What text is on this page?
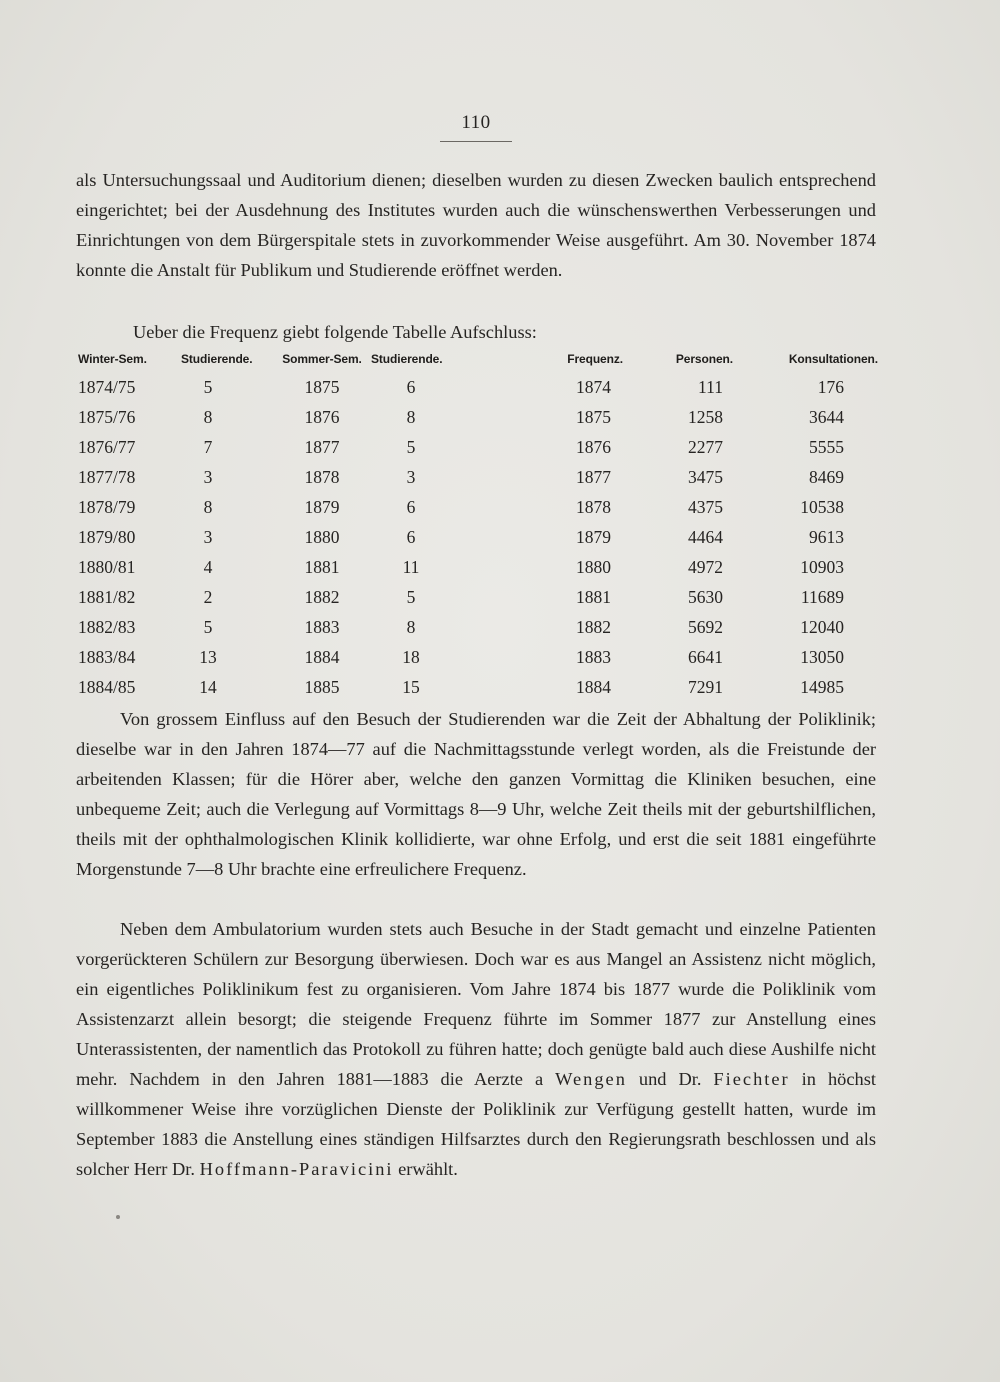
110

als Untersuchungssaal und Auditorium dienen; dieselben wurden zu diesen Zwecken baulich entsprechend eingerichtet; bei der Ausdehnung des Institutes wurden auch die wünschenswerthen Verbesserungen und Einrichtungen von dem Bürgerspitale stets in zuvorkommender Weise ausgeführt. Am 30. November 1874 konnte die Anstalt für Publikum und Studierende eröffnet werden.

Ueber die Frequenz giebt folgende Tabelle Aufschluss:

Winter-Sem.	Studierende.	Sommer-Sem.	Studierende.	Frequenz.	Personen.	Konsultationen.
1874/75	5	1875	6	1874	111	176
1875/76	8	1876	8	1875	1258	3644
1876/77	7	1877	5	1876	2277	5555
1877/78	3	1878	3	1877	3475	8469
1878/79	8	1879	6	1878	4375	10538
1879/80	3	1880	6	1879	4464	9613
1880/81	4	1881	11	1880	4972	10903
1881/82	2	1882	5	1881	5630	11689
1882/83	5	1883	8	1882	5692	12040
1883/84	13	1884	18	1883	6641	13050
1884/85	14	1885	15	1884	7291	14985

Von grossem Einfluss auf den Besuch der Studierenden war die Zeit der Abhaltung der Poliklinik; dieselbe war in den Jahren 1874—77 auf die Nachmittagsstunde verlegt worden, als die Freistunde der arbeitenden Klassen; für die Hörer aber, welche den ganzen Vormittag die Kliniken besuchen, eine unbequeme Zeit; auch die Verlegung auf Vormittags 8—9 Uhr, welche Zeit theils mit der geburtshilflichen, theils mit der ophthalmologischen Klinik kollidierte, war ohne Erfolg, und erst die seit 1881 eingeführte Morgenstunde 7—8 Uhr brachte eine erfreulichere Frequenz.

Neben dem Ambulatorium wurden stets auch Besuche in der Stadt gemacht und einzelne Patienten vorgerückteren Schülern zur Besorgung überwiesen. Doch war es aus Mangel an Assistenz nicht möglich, ein eigentliches Poliklinikum fest zu organisieren. Vom Jahre 1874 bis 1877 wurde die Poliklinik vom Assistenzarzt allein besorgt; die steigende Frequenz führte im Sommer 1877 zur Anstellung eines Unterassistenten, der namentlich das Protokoll zu führen hatte; doch genügte bald auch diese Aushilfe nicht mehr. Nachdem in den Jahren 1881—1883 die Aerzte a Wengen und Dr. Fiechter in höchst willkommener Weise ihre vorzüglichen Dienste der Poliklinik zur Verfügung gestellt hatten, wurde im September 1883 die Anstellung eines ständigen Hilfsarztes durch den Regierungsrath beschlossen und als solcher Herr Dr. Hoffmann-Paravicini erwählt.
